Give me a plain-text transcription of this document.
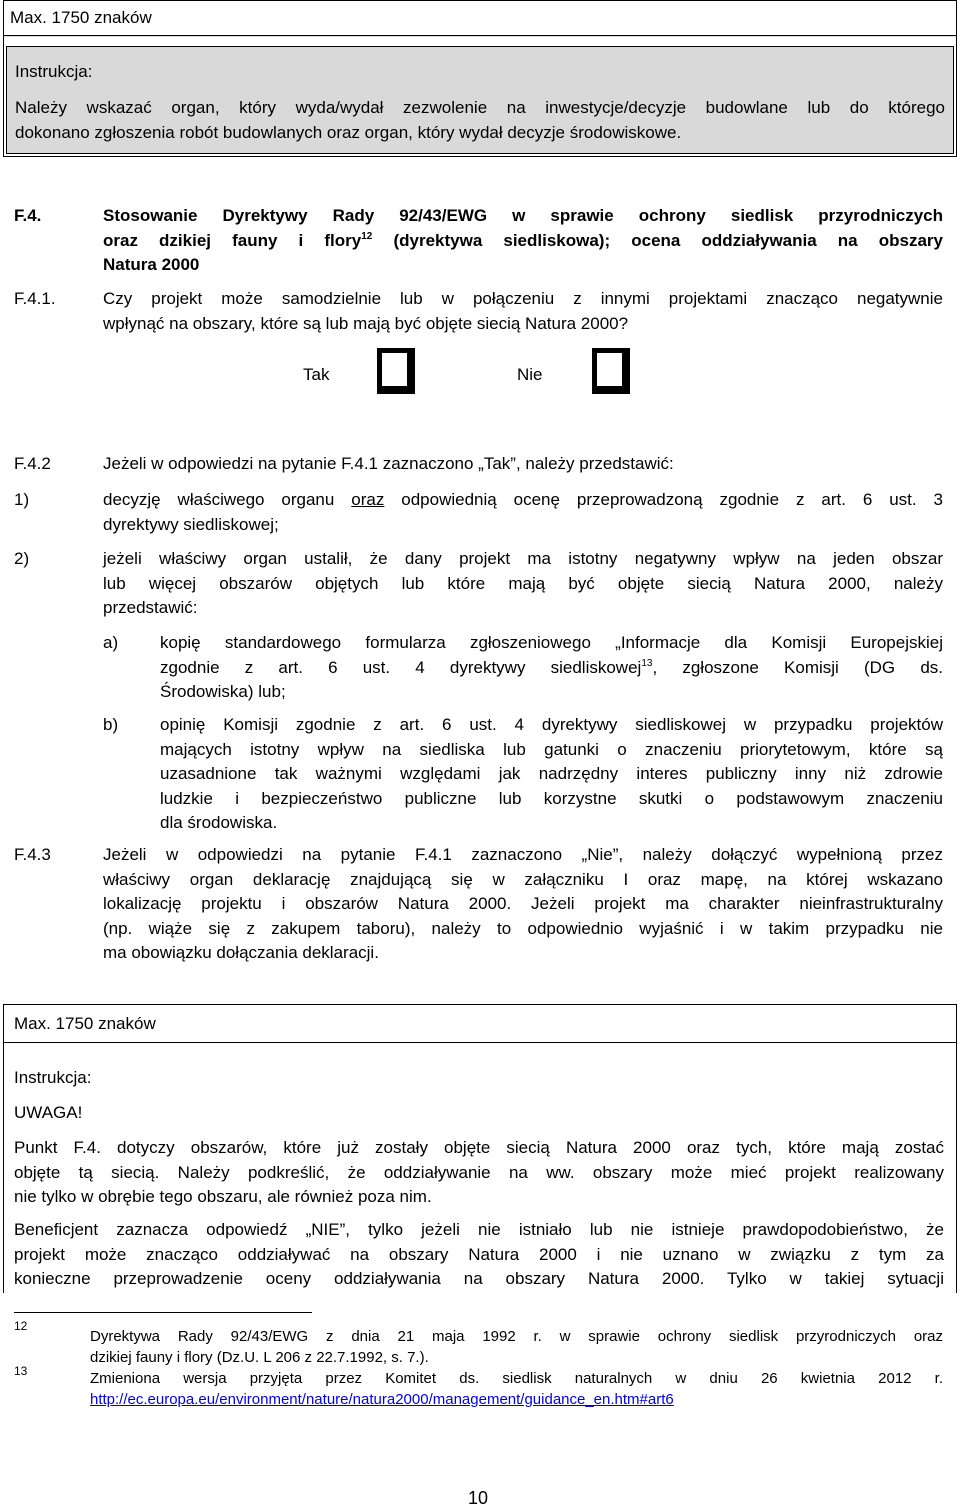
Max. 1750 znaków
Instrukcja:
Należy wskazać organ, który wyda/wydał zezwolenie na inwestycje/decyzje budowlane lub do którego
dokonano zgłoszenia robót budowlanych oraz organ, który wydał decyzje środowiskowe.
F.4.	Stosowanie Dyrektywy Rady 92/43/EWG w sprawie ochrony siedlisk przyrodniczych
oraz dzikiej fauny i flory$^{12}$ (dyrektywa siedliskowa); ocena oddziaływania na obszary
Natura 2000
F.4.1.	Czy projekt może samodzielnie lub w połączeniu z innymi projektami znacząco negatywnie
wpłynąć na obszary, które są lub mają być objęte siecią Natura 2000?
Tak	Nie
F.4.2	Jeżeli w odpowiedzi na pytanie F.4.1 zaznaczono „Tak”, należy przedstawić:
1)	decyzję właściwego organu oraz odpowiednią ocenę przeprowadzoną zgodnie z art. 6 ust. 3
dyrektywy siedliskowej;
2)	jeżeli właściwy organ ustalił, że dany projekt ma istotny negatywny wpływ na jeden obszar
lub więcej obszarów objętych lub które mają być objęte siecią Natura 2000, należy
przedstawić:
a) kopię standardowego formularza zgłoszeniowego „Informacje dla Komisji Europejskiej
zgodnie z art. 6 ust. 4 dyrektywy siedliskowej$^{13}$, zgłoszone Komisji (DG ds.
Środowiska) lub;
b) opinię Komisji zgodnie z art. 6 ust. 4 dyrektywy siedliskowej w przypadku projektów
mających istotny wpływ na siedliska lub gatunki o znaczeniu priorytetowym, które są
uzasadnione tak ważnymi względami jak nadrzędny interes publiczny inny niż zdrowie
ludzkie i bezpieczeństwo publiczne lub korzystne skutki o podstawowym znaczeniu
dla środowiska.
F.4.3	Jeżeli w odpowiedzi na pytanie F.4.1 zaznaczono „Nie”, należy dołączyć wypełnioną przez
właściwy organ deklarację znajdującą się w załączniku I oraz mapę, na której wskazano
lokalizację projektu i obszarów Natura 2000. Jeżeli projekt ma charakter nieinfrastrukturalny
(np. wiąże się z zakupem taboru), należy to odpowiednio wyjaśnić i w takim przypadku nie
ma obowiązku dołączania deklaracji.
Max. 1750 znaków
Instrukcja:
UWAGA!
Punkt F.4. dotyczy obszarów, które już zostały objęte siecią Natura 2000 oraz tych, które mają zostać
objęte tą siecią. Należy podkreślić, że oddziaływanie na ww. obszary może mieć projekt realizowany
nie tylko w obrębie tego obszaru, ale również poza nim.
Beneficjent zaznacza odpowiedź „NIE”, tylko jeżeli nie istniało lub nie istnieje prawdopodobieństwo, że
projekt może znacząco oddziaływać na obszary Natura 2000 i nie uznano w związku z tym za
konieczne przeprowadzenie oceny oddziaływania na obszary Natura 2000. Tylko w takiej sytuacji
12
Dyrektywa Rady 92/43/EWG z dnia 21 maja 1992 r. w sprawie ochrony siedlisk przyrodniczych oraz
dzikiej fauny i flory (Dz.U. L 206 z 22.7.1992, s. 7.).
13	Zmieniona wersja przyjęta przez Komitet ds. siedlisk naturalnych w dniu 26 kwietnia 2012 r.
http://ec.europa.eu/environment/nature/natura2000/management/guidance_en.htm#art6
10
